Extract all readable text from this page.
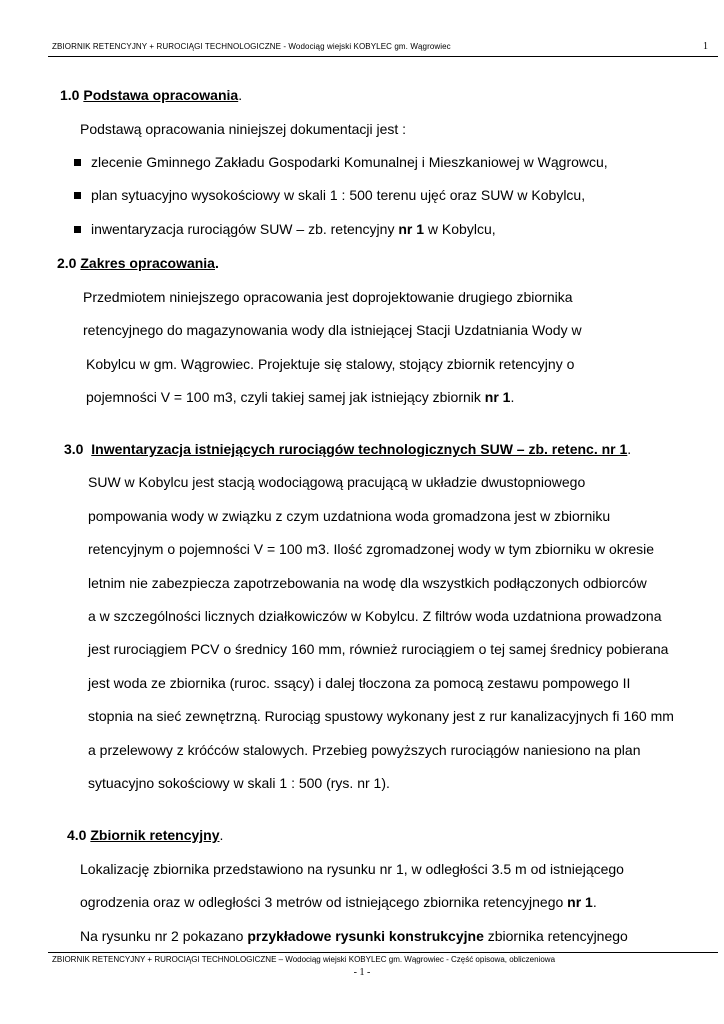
ZBIORNIK RETENCYJNY + RUROCIĄGI TECHNOLOGICZNE - Wodociąg wiejski KOBYLEC gm. Wągrowiec	1
1.0 Podstawa opracowania.
Podstawą opracowania niniejszej dokumentacji jest :
zlecenie Gminnego Zakładu Gospodarki Komunalnej i Mieszkaniowej w Wągrowcu,
plan sytuacyjno wysokościowy w skali 1 : 500 terenu ujęć oraz SUW w Kobylcu,
inwentaryzacja rurociągów SUW – zb. retencyjny nr 1 w Kobylcu,
2.0 Zakres opracowania.
Przedmiotem niniejszego opracowania jest doprojektowanie drugiego zbiornika
retencyjnego do magazynowania wody dla istniejącej Stacji Uzdatniania Wody w
Kobylcu w gm. Wągrowiec. Projektuje się stalowy, stojący zbiornik retencyjny o
pojemności V = 100 m3, czyli takiej samej jak istniejący zbiornik nr 1.
3.0  Inwentaryzacja istniejących rurociągów technologicznych SUW – zb. retenc. nr 1.
SUW w Kobylcu jest stacją wodociągową pracującą w układzie dwustopniowego
pompowania wody w związku z czym uzdatniona woda gromadzona jest w zbiorniku
retencyjnym o pojemności V = 100 m3. Ilość zgromadzonej wody w tym zbiorniku w okresie
letnim nie zabezpiecza zapotrzebowania na wodę dla wszystkich podłączonych odbiorców
a w szczególności licznych działkowiczów w Kobylcu. Z filtrów woda uzdatniona prowadzona
jest rurociągiem PCV o średnicy 160 mm, również rurociągiem o tej samej średnicy pobierana
jest woda ze zbiornika (ruroc. ssący) i dalej tłoczona za pomocą zestawu pompowego II
stopnia na sieć zewnętrzną. Rurociąg spustowy wykonany jest z rur kanalizacyjnych fi 160 mm
a przelewowy z króćców stalowych. Przebieg powyższych rurociągów naniesiono na plan
sytuacyjno sokościowy w skali 1 : 500 (rys. nr 1).
4.0 Zbiornik retencyjny.
Lokalizację zbiornika przedstawiono na rysunku nr 1, w odległości 3.5 m od istniejącego
ogrodzenia oraz w odległości 3 metrów od istniejącego zbiornika retencyjnego nr 1.
Na rysunku nr 2 pokazano przykładowe rysunki konstrukcyjne zbiornika retencyjnego
ZBIORNIK RETENCYJNY + RUROCIĄGI TECHNOLOGICZNE – Wodociąg wiejski KOBYLEC gm. Wągrowiec - Część opisowa, obliczeniowa
- 1 -
